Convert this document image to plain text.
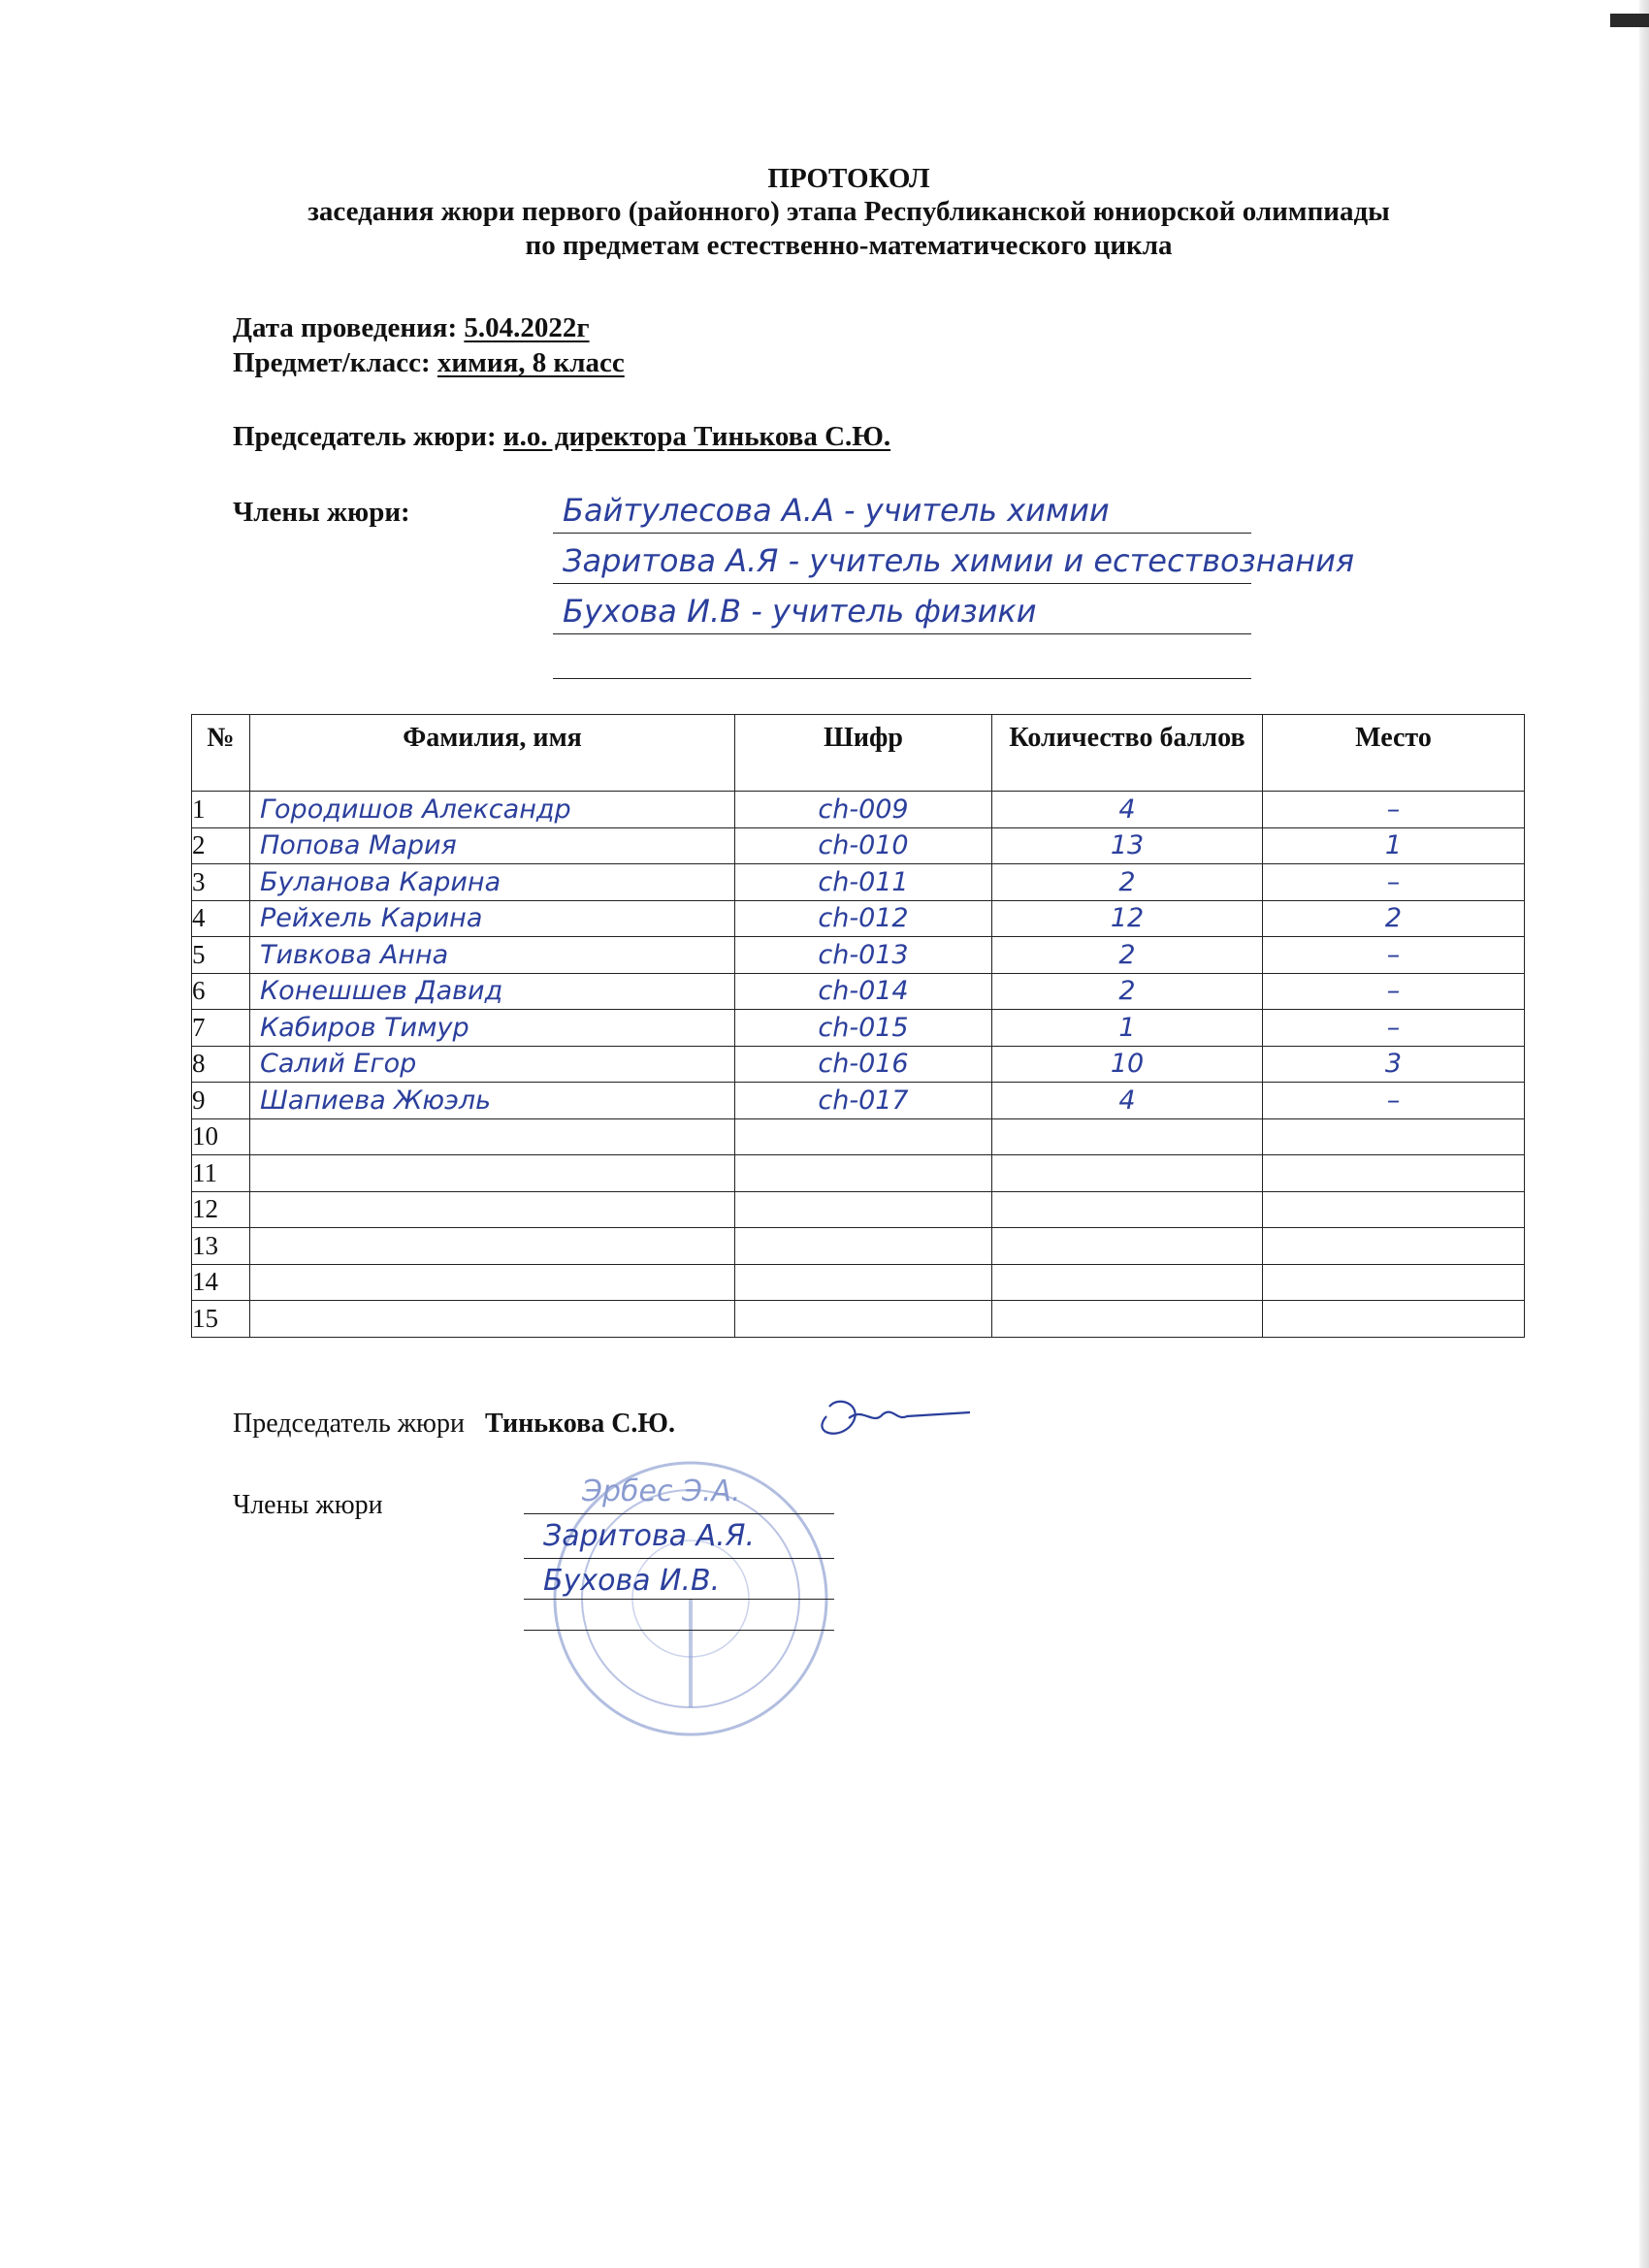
ПРОТОКОЛ
заседания жюри первого (районного) этапа Республиканской юниорской олимпиады
по предметам естественно-математического цикла
Дата проведения: 5.04.2022г
Предмет/класс: химия, 8 класс
Председатель жюри: и.о. директора Тинькова С.Ю.
Члены жюри:	Байтулесова А.А - учитель химии
Заритова А.Я - учитель химии и естествознания
Бухова И.В - учитель физики
№	Фамилия, имя	Шифр	Количество баллов	Место
1	Городишов Александр	ch-009	4	–

2	Попова Мария	ch-010	13	1

3	Буланова Карина	ch-011	2	–

4	Рейхель Карина	ch-012	12	2

5	Тивкова Анна	ch-013	2	–

6	Конешшев Давид	ch-014	2	–

7	Кабиров Тимур	ch-015	1	–

8	Салий Егор	ch-016	10	3

9	Шапиева Жюэль	ch-017	4	–

10		

11		

12		

13		

14		

15		

Председатель жюри Тинькова С.Ю.
Члены жюри	Эрбес Э.А.
Заритова А.Я.
Бухова И.В.
